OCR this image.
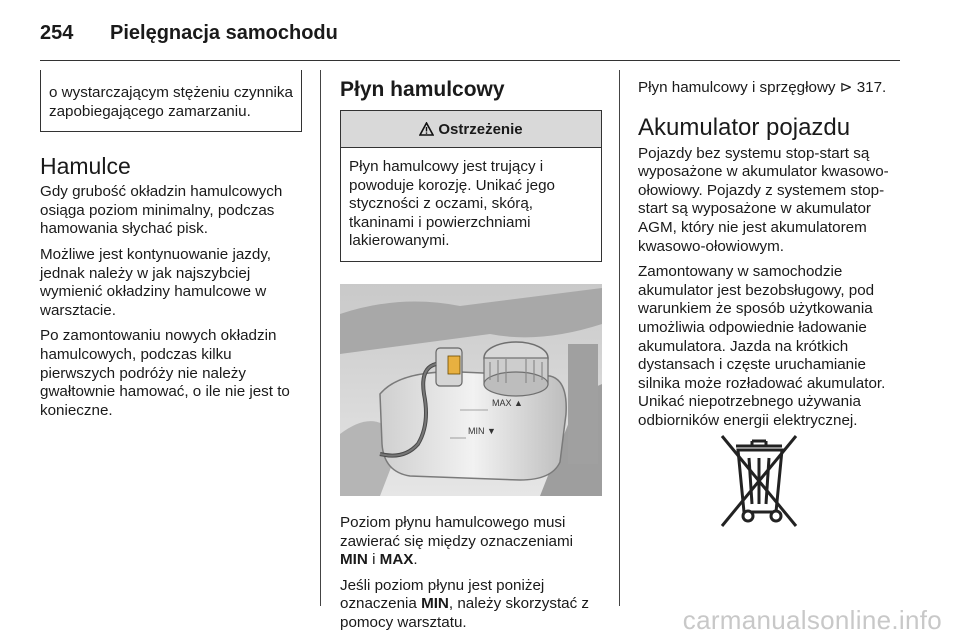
254 Pielęgnacja samochodu
o wystarczającym stężeniu czynnika zapobiegającego zamarzaniu.
Hamulce

Gdy grubość okładzin hamulcowych osiąga poziom minimalny, podczas hamowania słychać pisk.

Możliwe jest kontynuowanie jazdy, jednak należy w jak najszybciej wymienić okładziny hamulcowe w warsztacie.

Po zamontowaniu nowych okładzin hamulcowych, podczas kilku pierwszych podróży nie należy gwałtownie hamować, o ile nie jest to konieczne.

Płyn hamulcowy
Ostrzeżenie
Płyn hamulcowy jest trujący i powoduje korozję. Unikać jego styczności z oczami, skórą, tkaninami i powierzchniami lakierowanymi.
MAX ▲
MIN ▼

Poziom płynu hamulcowego musi zawierać się między oznaczeniami MIN i MAX.

Jeśli poziom płynu jest poniżej oznaczenia MIN, należy skorzystać z pomocy warsztatu.

Płyn hamulcowy i sprzęgłowy ⊳ 317.

Akumulator pojazdu

Pojazdy bez systemu stop-start są wyposażone w akumulator kwasowo-ołowiowy. Pojazdy z systemem stop-start są wyposażone w akumulator AGM, który nie jest akumulatorem kwasowo-ołowiowym.

Zamontowany w samochodzie akumulator jest bezobsługowy, pod warunkiem że sposób użytkowania umożliwia odpowiednie ładowanie akumulatora. Jazda na krótkich dystansach i częste uruchamianie silnika może rozładować akumulator. Unikać niepotrzebnego używania odbiorników energii elektrycznej.

carmanualsonline.info
